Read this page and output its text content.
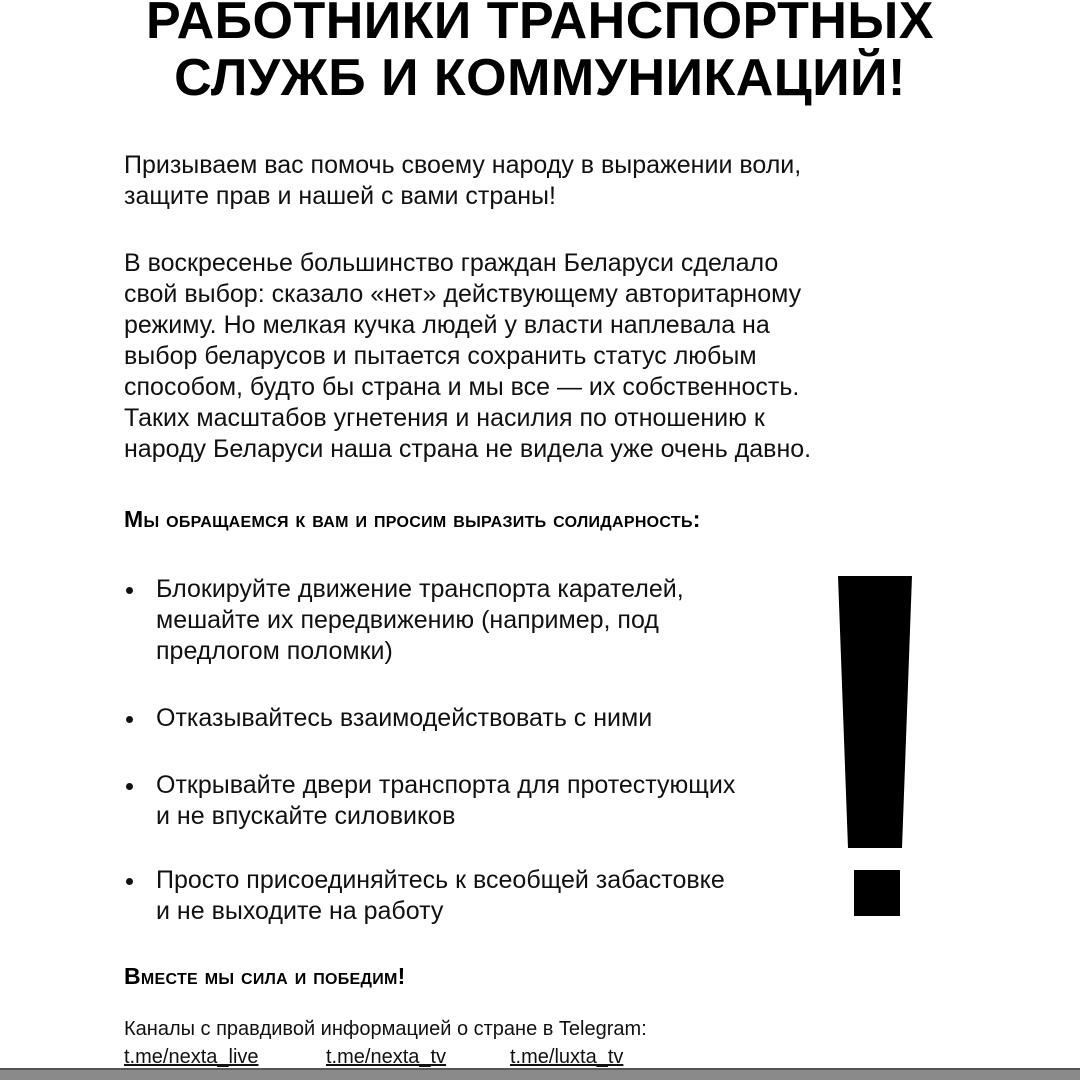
РАБОТНИКИ ТРАНСПОРТНЫХ
СЛУЖБ И КОММУНИКАЦИЙ!
Призываем вас помочь своему народу в выражении воли,
защите прав и нашей с вами страны!
В воскресенье большинство граждан Беларуси сделало
свой выбор: сказало «нет» действующему авторитарному
режиму. Но мелкая кучка людей у власти наплевала на
выбор беларусов и пытается сохранить статус любым
способом, будто бы страна и мы все — их собственность.
Таких масштабов угнетения и насилия по отношению к
народу Беларуси наша страна не видела уже очень давно.
Мы обращаемся к вам и просим выразить солидарность:
Блокируйте движение транспорта карателей,
мешайте их передвижению (например, под
предлогом поломки)
Отказывайтесь взаимодействовать с ними
Открывайте двери транспорта для протестующих
и не впускайте силовиков
Просто присоединяйтесь к всеобщей забастовке
и не выходите на работу
Вместе мы сила и победим!
Каналы с правдивой информацией о стране в Telegram:
t.me/nexta_live	t.me/nexta_tv	t.me/luxta_tv
